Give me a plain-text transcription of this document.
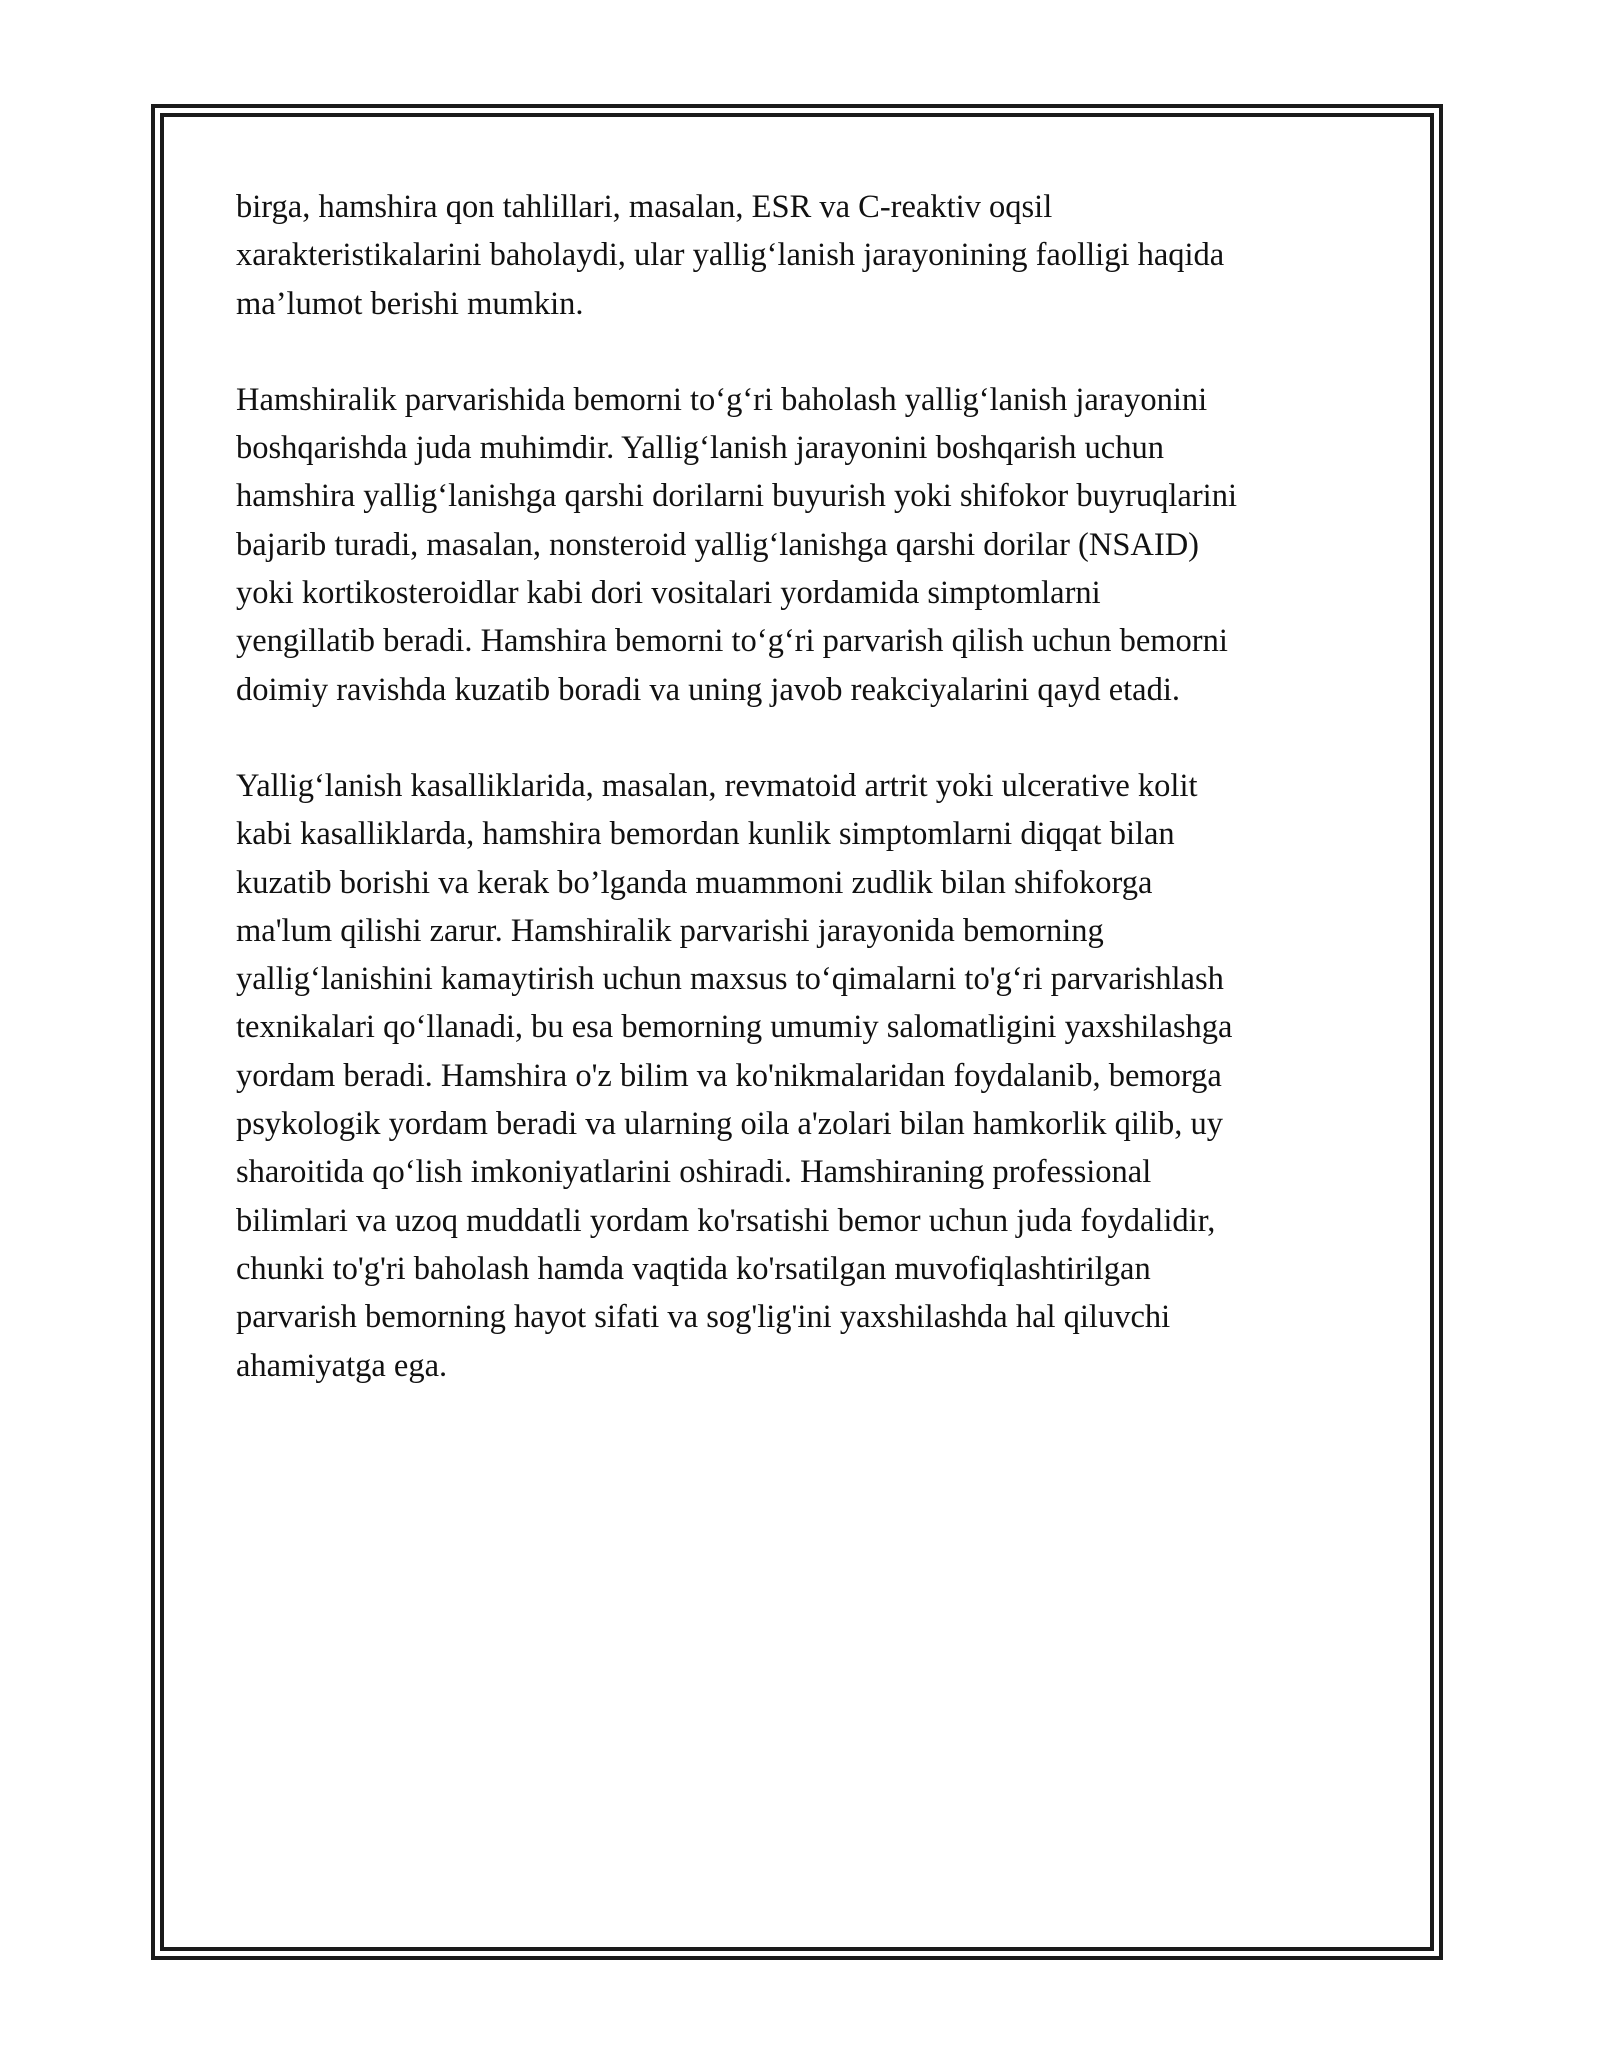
birga, hamshira qon tahlillari, masalan, ESR va C-reaktiv oqsil
xarakteristikalarini baholaydi, ular yallig‘lanish jarayonining faolligi haqida
ma’lumot berishi mumkin.

Hamshiralik parvarishida bemorni to‘g‘ri baholash yallig‘lanish jarayonini
boshqarishda juda muhimdir. Yallig‘lanish jarayonini boshqarish uchun
hamshira yallig‘lanishga qarshi dorilarni buyurish yoki shifokor buyruqlarini
bajarib turadi, masalan, nonsteroid yallig‘lanishga qarshi dorilar (NSAID)
yoki kortikosteroidlar kabi dori vositalari yordamida simptomlarni
yengillatib beradi. Hamshira bemorni to‘g‘ri parvarish qilish uchun bemorni
doimiy ravishda kuzatib boradi va uning javob reakciyalarini qayd etadi.

Yallig‘lanish kasalliklarida, masalan, revmatoid artrit yoki ulcerative kolit
kabi kasalliklarda, hamshira bemordan kunlik simptomlarni diqqat bilan
kuzatib borishi va kerak bo’lganda muammoni zudlik bilan shifokorga
ma'lum qilishi zarur. Hamshiralik parvarishi jarayonida bemorning
yallig‘lanishini kamaytirish uchun maxsus to‘qimalarni to'g‘ri parvarishlash
texnikalari qo‘llanadi, bu esa bemorning umumiy salomatligini yaxshilashga
yordam beradi. Hamshira o'z bilim va ko'nikmalaridan foydalanib, bemorga
psykologik yordam beradi va ularning oila a'zolari bilan hamkorlik qilib, uy
sharoitida qo‘lish imkoniyatlarini oshiradi. Hamshiraning professional
bilimlari va uzoq muddatli yordam ko'rsatishi bemor uchun juda foydalidir,
chunki to'g'ri baholash hamda vaqtida ko'rsatilgan muvofiqlashtirilgan
parvarish bemorning hayot sifati va sog'lig'ini yaxshilashda hal qiluvchi
ahamiyatga ega.
